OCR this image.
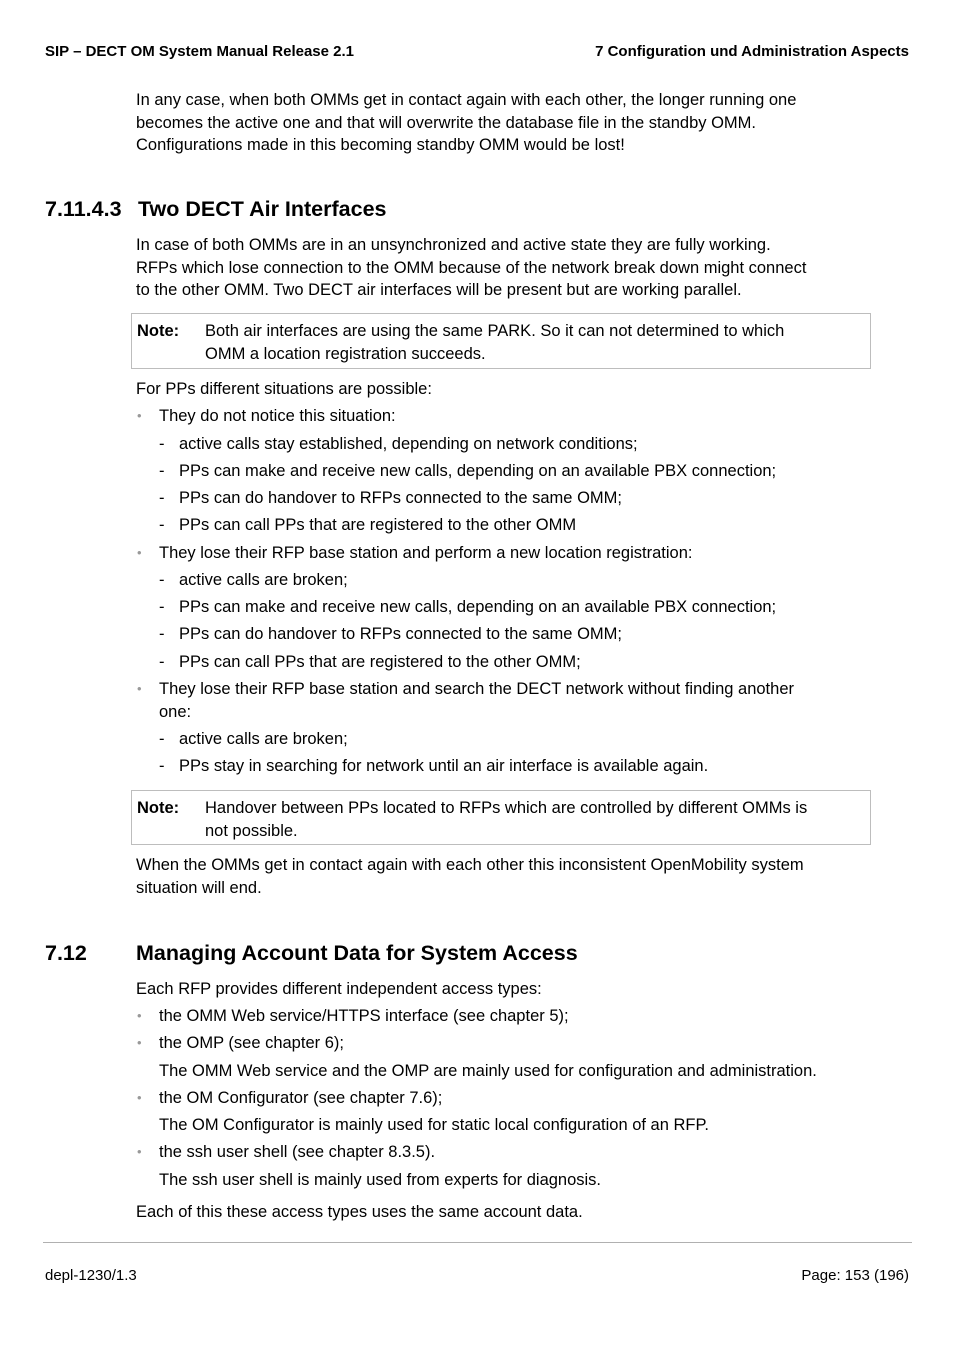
SIP – DECT OM System Manual Release 2.1	7 Configuration und Administration Aspects
In any case, when both OMMs get in contact again with each other, the longer running one
becomes the active one and that will overwrite the database file in the standby OMM.
Configurations made in this becoming standby OMM would be lost!
7.11.4.3 Two DECT Air Interfaces
In case of both OMMs are in an unsynchronized and active state they are fully working.
RFPs which lose connection to the OMM because of the network break down might connect
to the other OMM. Two DECT air interfaces will be present but are working parallel.
Note: Both air interfaces are using the same PARK. So it can not determined to which
OMM a location registration succeeds.
For PPs different situations are possible:
• They do not notice this situation:
- active calls stay established, depending on network conditions;
- PPs can make and receive new calls, depending on an available PBX connection;
- PPs can do handover to RFPs connected to the same OMM;
- PPs can call PPs that are registered to the other OMM
• They lose their RFP base station and perform a new location registration:
- active calls are broken;
- PPs can make and receive new calls, depending on an available PBX connection;
- PPs can do handover to RFPs connected to the same OMM;
- PPs can call PPs that are registered to the other OMM;
• They lose their RFP base station and search the DECT network without finding another
one:
- active calls are broken;
- PPs stay in searching for network until an air interface is available again.
Note: Handover between PPs located to RFPs which are controlled by different OMMs is
not possible.
When the OMMs get in contact again with each other this inconsistent OpenMobility system
situation will end.
7.12 Managing Account Data for System Access
Each RFP provides different independent access types:
• the OMM Web service/HTTPS interface (see chapter 5);
• the OMP (see chapter 6);
The OMM Web service and the OMP are mainly used for configuration and administration.
• the OM Configurator (see chapter 7.6);
The OM Configurator is mainly used for static local configuration of an RFP.
• the ssh user shell (see chapter 8.3.5).
The ssh user shell is mainly used from experts for diagnosis.
Each of this these access types uses the same account data.
depl-1230/1.3	Page: 153 (196)
